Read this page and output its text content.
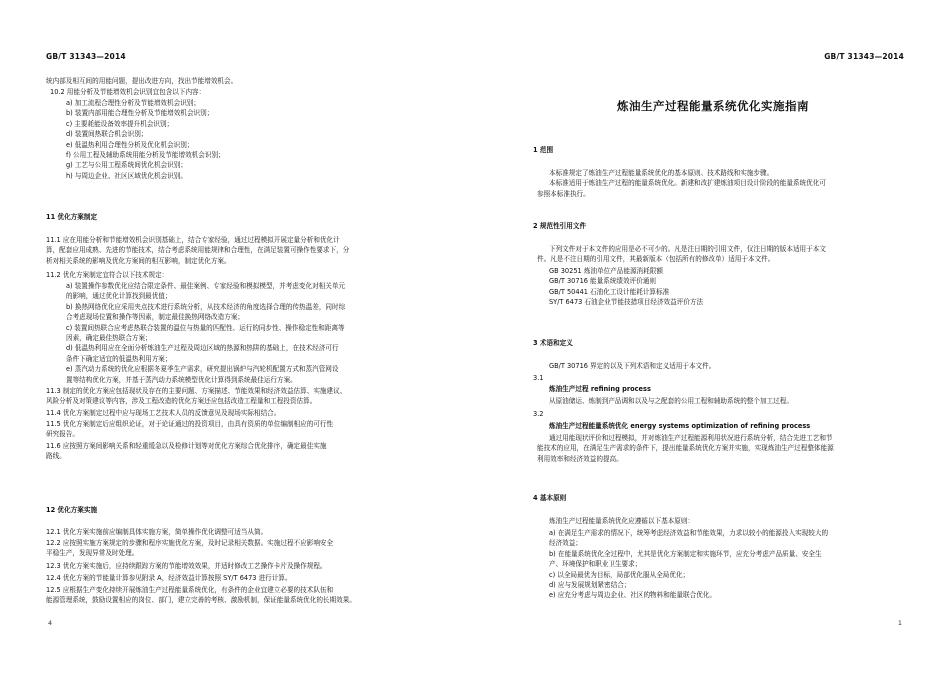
GB/T 31343—2014

统内部及相互间的用能问题，提出改进方向，找出节能增效机会。

10.2 用能分析及节能增效机会识别宜包含以下内容：

a) 加工流程合理性分析及节能增效机会识别；
b) 装置内部用能合理性分析及节能增效机会识别；
c) 主要耗能设备效率提升机会识别；
d) 装置间热联合机会识别；
e) 低温热利用合理性分析及优化机会识别；
f) 公用工程及辅助系统用能分析及节能增效机会识别；
g) 工艺与公用工程系统间优化机会识别；
h) 与周边企业、社区区域优化机会识别。
11 优化方案制定
11.1 应在用能分析和节能增效机会识别基础上，结合专家经验，通过过程模拟开展定量分析和优化计
算，配套应用成熟、先进的节能技术，结合考虑系统用能规律和合理性，在满足装置可操作性要求下，分
析对相关系统的影响及优化方案间的相互影响，制定优化方案。

11.2 优化方案制定宜符合以下技术规定：

a) 装置操作参数优化应结合限定条件、最佳案例、专家经验和模拟模型，并考虑变化对相关单元
的影响，通过优化计算找到最优值；
b) 换热网络优化应采用夹点技术进行系统分析，从技术经济的角度选择合理的传热温差，同时综
合考虑现场位置和操作等因素，制定最佳换热网络改造方案；
c) 装置间热联合应考虑热联合装置的温位与热量的匹配性、运行的同步性、操作稳定性和距离等
因素，确定最佳热联合方案；
d) 低温热利用应在全面分析炼油生产过程及周边区域的热源和热阱的基础上，在技术经济可行
条件下确定适宜的低温热利用方案；
e) 蒸汽动力系统的优化应根据冬夏季生产需求，研究提出锅炉与汽轮机配置方式和蒸汽管网设
置等结构优化方案，并基于蒸汽动力系统模型优化计算得到系统最佳运行方案。
11.3 制定的优化方案应包括现状及存在的主要问题、方案描述、节能效果和经济效益估算、实施建议、
风险分析及对策建议等内容，涉及工程改造的优化方案还应包括改造工程量和工程投资估算。

11.4 优化方案制定过程中应与现场工艺技术人员的反馈意见及现场实际相结合。

11.5 优化方案制定后应组织论证，对于论证通过的投资项目，由具有资质的单位编制相应的可行性
研究报告。
11.6 应按照方案间影响关系和轻重缓急以及检修计划等对优化方案综合优化排序，确定最佳实施
路线。
12 优化方案实施

12.1 优化方案实施前应编制具体实施方案，简单操作优化调整可适当从简。

12.2 应按照实施方案规定的步骤和程序实施优化方案，及时记录相关数据。实施过程不应影响安全
平稳生产，发现异常及时处理。

12.3 优化方案实施后，应持续跟踪方案的节能增效效果，并适时修改工艺操作卡片及操作规程。

12.4 优化方案的节能量计算参见附录 A，经济效益计算按照 SY/T 6473 进行计算。

12.5 应根据生产变化持续开展炼油生产过程能量系统优化，有条件的企业宜建立必要的技术队伍和
能源管理系统，鼓励设置相应的岗位、部门，建立完善的考核、激励机制，保证能量系统优化的长期效果。
4
GB/T 31343—2014
炼油生产过程能量系统优化实施指南
1 范围
本标准规定了炼油生产过程能量系统优化的基本原则、技术路线和实施步骤。
本标准适用于炼油生产过程的能量系统优化。新建和改扩建炼油项目设计阶段的能量系统优化可
参照本标准执行。
2 规范性引用文件
下列文件对于本文件的应用是必不可少的。凡是注日期的引用文件，仅注日期的版本适用于本文
件。凡是不注日期的引用文件，其最新版本（包括所有的修改单）适用于本文件。
GB 30251 炼油单位产品能源消耗限额
GB/T 30716 能量系统绩效评价通则
GB/T 50441 石油化工设计能耗计算标准
SY/T 6473 石油企业节能技措项目经济效益评价方法
3 术语和定义

GB/T 30716 界定的以及下列术语和定义适用于本文件。

3.1

炼油生产过程 refining process

从原油储运、炼制到产品调和以及与之配套的公用工程和辅助系统的整个加工过程。

3.2

炼油生产过程能量系统优化 energy systems optimization of refining process

通过用能现状评价和过程模拟，并对炼油生产过程能源利用状况进行系统分析，结合先进工艺和节
能技术的应用，在满足生产需求的条件下，提出能量系统优化方案并实施，实现炼油生产过程整体能源
利用效率和经济效益的提高。
4 基本原则

炼油生产过程能量系统优化应遵循以下基本原则：

a) 在满足生产需求的情况下，统筹考虑经济效益和节能效果，力求以较小的能源投入实现较大的
经济效益；
b) 在能量系统优化全过程中，尤其是优化方案制定和实施环节，应充分考虑产品质量、安全生
产、环境保护和职业卫生要求；
c) 以全局最优为目标，局部优化服从全局优化；
d) 应与发展规划紧密结合；
e) 应充分考虑与周边企业、社区的物料和能量联合优化。
1
